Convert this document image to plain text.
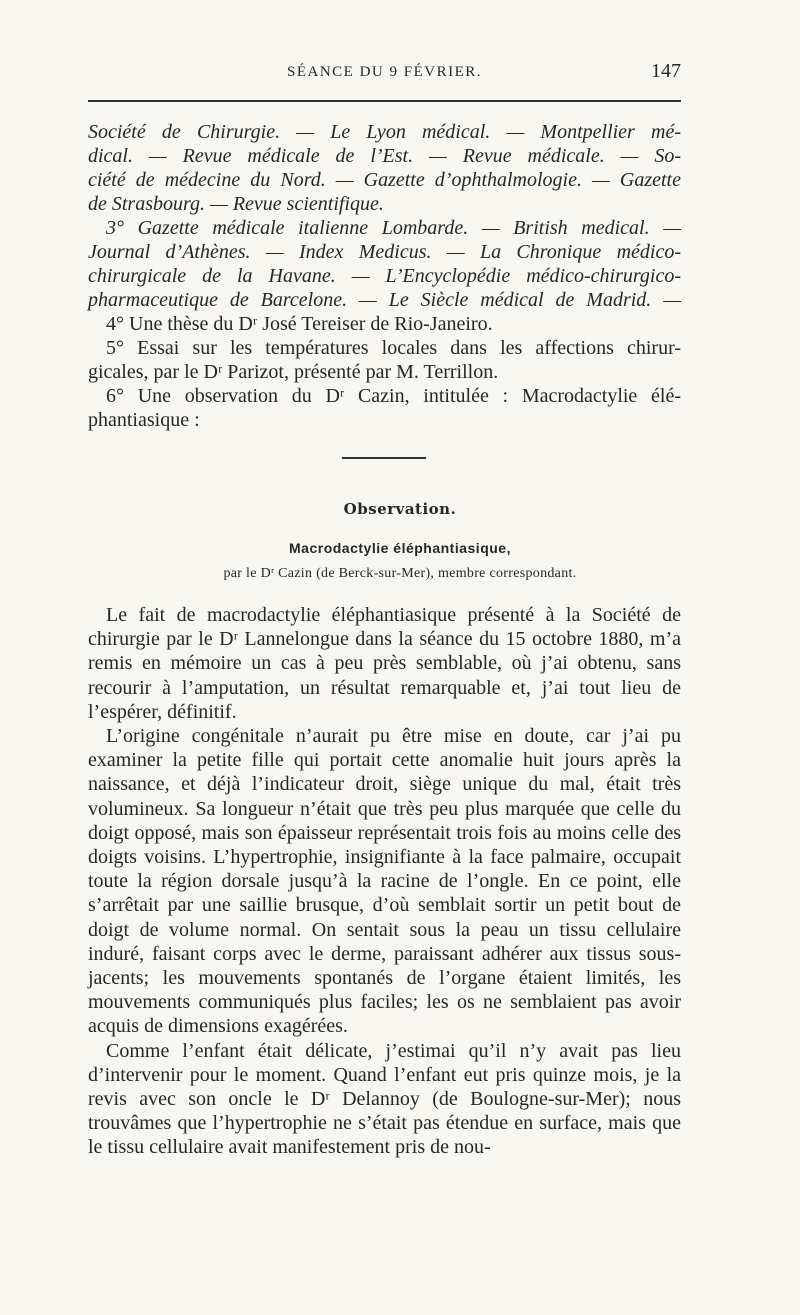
SÉANCE DU 9 FÉVRIER.	147

Société de Chirurgie. — Le Lyon médical. — Montpellier mé-

dical. — Revue médicale de l’Est. — Revue médicale. — So-

ciété de médecine du Nord. — Gazette d’ophthalmologie. — Gazette

de Strasbourg. — Revue scientifique.

3° Gazette médicale italienne Lombarde. — British medical. —

Journal d’Athènes. — Index Medicus. — La Chronique médico-

chirurgicale de la Havane. — L’Encyclopédie médico-chirurgico-

pharmaceutique de Barcelone. — Le Siècle médical de Madrid. —

4° Une thèse du Dʳ José Tereiser de Rio-Janeiro.

5° Essai sur les températures locales dans les affections chirur-

gicales, par le Dʳ Parizot, présenté par M. Terrillon.

6° Une observation du Dʳ Cazin, intitulée : Macrodactylie élé-

phantiasique :

Observation.
Macrodactylie éléphantiasique,
par le Dʳ Cazin (de Berck-sur-Mer), membre correspondant.

Le fait de macrodactylie éléphantiasique présenté à la Société de chirurgie par le Dʳ Lannelongue dans la séance du 15 octobre 1880, m’a remis en mémoire un cas à peu près semblable, où j’ai obtenu, sans recourir à l’amputation, un résultat remarquable et, j’ai tout lieu de l’espérer, définitif.

L’origine congénitale n’aurait pu être mise en doute, car j’ai pu examiner la petite fille qui portait cette anomalie huit jours après la naissance, et déjà l’indicateur droit, siège unique du mal, était très volumineux. Sa longueur n’était que très peu plus marquée que celle du doigt opposé, mais son épaisseur représentait trois fois au moins celle des doigts voisins. L’hypertrophie, insignifiante à la face palmaire, occupait toute la région dorsale jusqu’à la racine de l’ongle. En ce point, elle s’arrêtait par une saillie brusque, d’où semblait sortir un petit bout de doigt de volume normal. On sentait sous la peau un tissu cellulaire induré, faisant corps avec le derme, paraissant adhérer aux tissus sous-jacents; les mouvements spontanés de l’organe étaient limités, les mouvements communiqués plus faciles; les os ne semblaient pas avoir acquis de dimensions exagérées.

Comme l’enfant était délicate, j’estimai qu’il n’y avait pas lieu d’intervenir pour le moment. Quand l’enfant eut pris quinze mois, je la revis avec son oncle le Dʳ Delannoy (de Boulogne-sur-Mer); nous trouvâmes que l’hypertrophie ne s’était pas étendue en surface, mais que le tissu cellulaire avait manifestement pris de nou-
